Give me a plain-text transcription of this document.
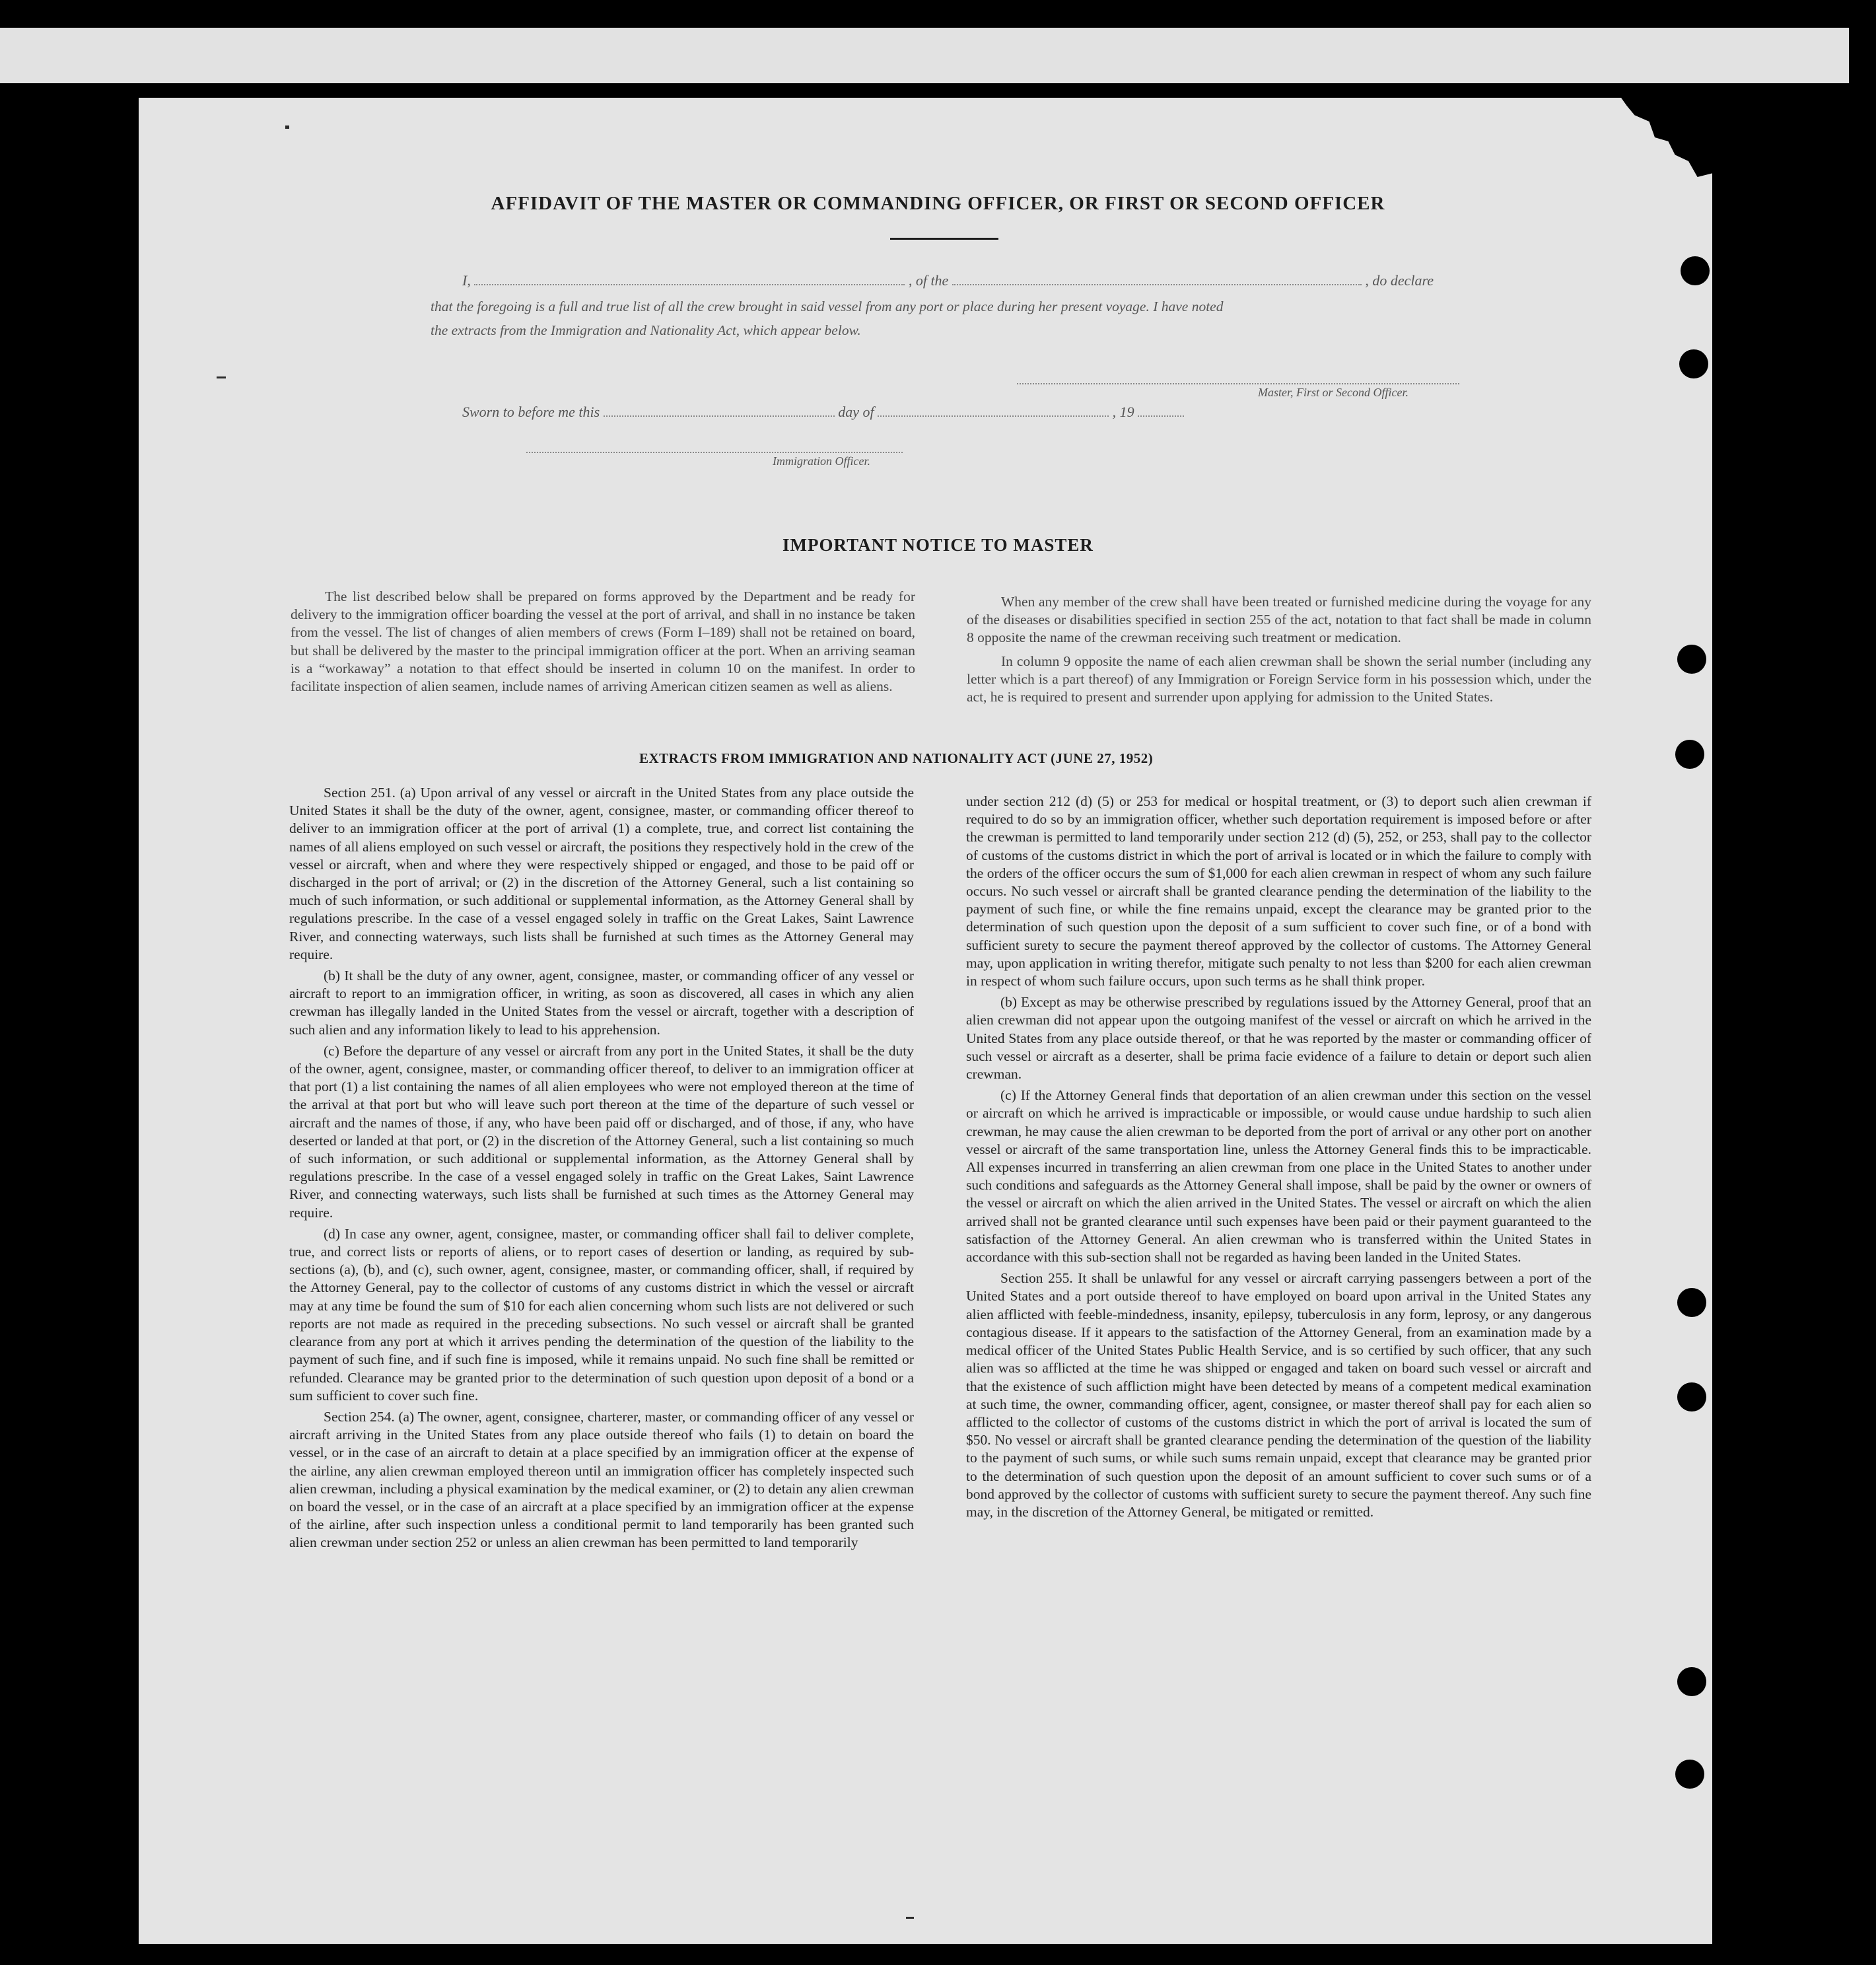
AFFIDAVIT OF THE MASTER OR COMMANDING OFFICER, OR FIRST OR SECOND OFFICER
I,	, of the	, do declare
that the foregoing is a full and true list of all the crew brought in said vessel from any port or place during her present voyage. I have noted
the extracts from the Immigration and Nationality Act, which appear below.
Master, First or Second Officer.
Sworn to before me this	day of	, 19
Immigration Officer.
IMPORTANT NOTICE TO MASTER

The list described below shall be prepared on forms approved by the Department and be ready for delivery to the immigration officer boarding the vessel at the port of arrival, and shall in no instance be taken from the vessel. The list of changes of alien members of crews (Form I–189) shall not be retained on board, but shall be delivered by the master to the principal immigration officer at the port. When an arriving seaman is a “workaway” a notation to that effect should be inserted in column 10 on the manifest. In order to facilitate inspection of alien seamen, include names of arriving American citizen seamen as well as aliens.

When any member of the crew shall have been treated or furnished medicine during the voyage for any of the diseases or disabilities specified in section 255 of the act, notation to that fact shall be made in column 8 opposite the name of the crewman receiving such treatment or medication.

In column 9 opposite the name of each alien crewman shall be shown the serial number (including any letter which is a part thereof) of any Immigration or Foreign Service form in his possession which, under the act, he is required to present and surrender upon applying for admission to the United States.

EXTRACTS FROM IMMIGRATION AND NATIONALITY ACT (JUNE 27, 1952)

Section 251. (a) Upon arrival of any vessel or aircraft in the United States from any place outside the United States it shall be the duty of the owner, agent, consignee, master, or commanding officer thereof to deliver to an immigration officer at the port of arrival (1) a complete, true, and correct list containing the names of all aliens employed on such vessel or aircraft, the positions they respectively hold in the crew of the vessel or aircraft, when and where they were respectively shipped or engaged, and those to be paid off or discharged in the port of arrival; or (2) in the discretion of the Attorney General, such a list containing so much of such information, or such additional or supplemental information, as the Attorney General shall by regulations prescribe. In the case of a vessel engaged solely in traffic on the Great Lakes, Saint Lawrence River, and connecting waterways, such lists shall be furnished at such times as the Attorney General may require.

(b) It shall be the duty of any owner, agent, consignee, master, or commanding officer of any vessel or aircraft to report to an immigration officer, in writing, as soon as discovered, all cases in which any alien crewman has illegally landed in the United States from the vessel or aircraft, together with a description of such alien and any information likely to lead to his apprehension.

(c) Before the departure of any vessel or aircraft from any port in the United States, it shall be the duty of the owner, agent, consignee, master, or commanding officer thereof, to deliver to an immigration officer at that port (1) a list containing the names of all alien employees who were not employed thereon at the time of the arrival at that port but who will leave such port thereon at the time of the departure of such vessel or aircraft and the names of those, if any, who have been paid off or discharged, and of those, if any, who have deserted or landed at that port, or (2) in the discretion of the Attorney General, such a list containing so much of such information, or such additional or supplemental information, as the Attorney General shall by regulations prescribe. In the case of a vessel engaged solely in traffic on the Great Lakes, Saint Lawrence River, and connecting waterways, such lists shall be furnished at such times as the Attorney General may require.

(d) In case any owner, agent, consignee, master, or commanding officer shall fail to deliver complete, true, and correct lists or reports of aliens, or to report cases of desertion or landing, as required by sub-sections (a), (b), and (c), such owner, agent, consignee, master, or commanding officer, shall, if required by the Attorney General, pay to the collector of customs of any customs district in which the vessel or aircraft may at any time be found the sum of $10 for each alien concerning whom such lists are not delivered or such reports are not made as required in the preceding subsections. No such vessel or aircraft shall be granted clearance from any port at which it arrives pending the determination of the question of the liability to the payment of such fine, and if such fine is imposed, while it remains unpaid. No such fine shall be remitted or refunded. Clearance may be granted prior to the determination of such question upon deposit of a bond or a sum sufficient to cover such fine.

Section 254. (a) The owner, agent, consignee, charterer, master, or commanding officer of any vessel or aircraft arriving in the United States from any place outside thereof who fails (1) to detain on board the vessel, or in the case of an aircraft to detain at a place specified by an immigration officer at the expense of the airline, any alien crewman employed thereon until an immigration officer has completely inspected such alien crewman, including a physical examination by the medical examiner, or (2) to detain any alien crewman on board the vessel, or in the case of an aircraft at a place specified by an immigration officer at the expense of the airline, after such inspection unless a conditional permit to land temporarily has been granted such alien crewman under section 252 or unless an alien crewman has been permitted to land temporarily

under section 212 (d) (5) or 253 for medical or hospital treatment, or (3) to deport such alien crewman if required to do so by an immigration officer, whether such deportation requirement is imposed before or after the crewman is permitted to land temporarily under section 212 (d) (5), 252, or 253, shall pay to the collector of customs of the customs district in which the port of arrival is located or in which the failure to comply with the orders of the officer occurs the sum of $1,000 for each alien crewman in respect of whom any such failure occurs. No such vessel or aircraft shall be granted clearance pending the determination of the liability to the payment of such fine, or while the fine remains unpaid, except the clearance may be granted prior to the determination of such question upon the deposit of a sum sufficient to cover such fine, or of a bond with sufficient surety to secure the payment thereof approved by the collector of customs. The Attorney General may, upon application in writing therefor, mitigate such penalty to not less than $200 for each alien crewman in respect of whom such failure occurs, upon such terms as he shall think proper.

(b) Except as may be otherwise prescribed by regulations issued by the Attorney General, proof that an alien crewman did not appear upon the outgoing manifest of the vessel or aircraft on which he arrived in the United States from any place outside thereof, or that he was reported by the master or commanding officer of such vessel or aircraft as a deserter, shall be prima facie evidence of a failure to detain or deport such alien crewman.

(c) If the Attorney General finds that deportation of an alien crewman under this section on the vessel or aircraft on which he arrived is impracticable or impossible, or would cause undue hardship to such alien crewman, he may cause the alien crewman to be deported from the port of arrival or any other port on another vessel or aircraft of the same transportation line, unless the Attorney General finds this to be impracticable. All expenses incurred in transferring an alien crewman from one place in the United States to another under such conditions and safeguards as the Attorney General shall impose, shall be paid by the owner or owners of the vessel or aircraft on which the alien arrived in the United States. The vessel or aircraft on which the alien arrived shall not be granted clearance until such expenses have been paid or their payment guaranteed to the satisfaction of the Attorney General. An alien crewman who is transferred within the United States in accordance with this sub-section shall not be regarded as having been landed in the United States.

Section 255. It shall be unlawful for any vessel or aircraft carrying passengers between a port of the United States and a port outside thereof to have employed on board upon arrival in the United States any alien afflicted with feeble-mindedness, insanity, epilepsy, tuberculosis in any form, leprosy, or any dangerous contagious disease. If it appears to the satisfaction of the Attorney General, from an examination made by a medical officer of the United States Public Health Service, and is so certified by such officer, that any such alien was so afflicted at the time he was shipped or engaged and taken on board such vessel or aircraft and that the existence of such affliction might have been detected by means of a competent medical examination at such time, the owner, commanding officer, agent, consignee, or master thereof shall pay for each alien so afflicted to the collector of customs of the customs district in which the port of arrival is located the sum of $50. No vessel or aircraft shall be granted clearance pending the determination of the question of the liability to the payment of such sums, or while such sums remain unpaid, except that clearance may be granted prior to the determination of such question upon the deposit of an amount sufficient to cover such sums or of a bond approved by the collector of customs with sufficient surety to secure the payment thereof. Any such fine may, in the discretion of the Attorney General, be mitigated or remitted.
